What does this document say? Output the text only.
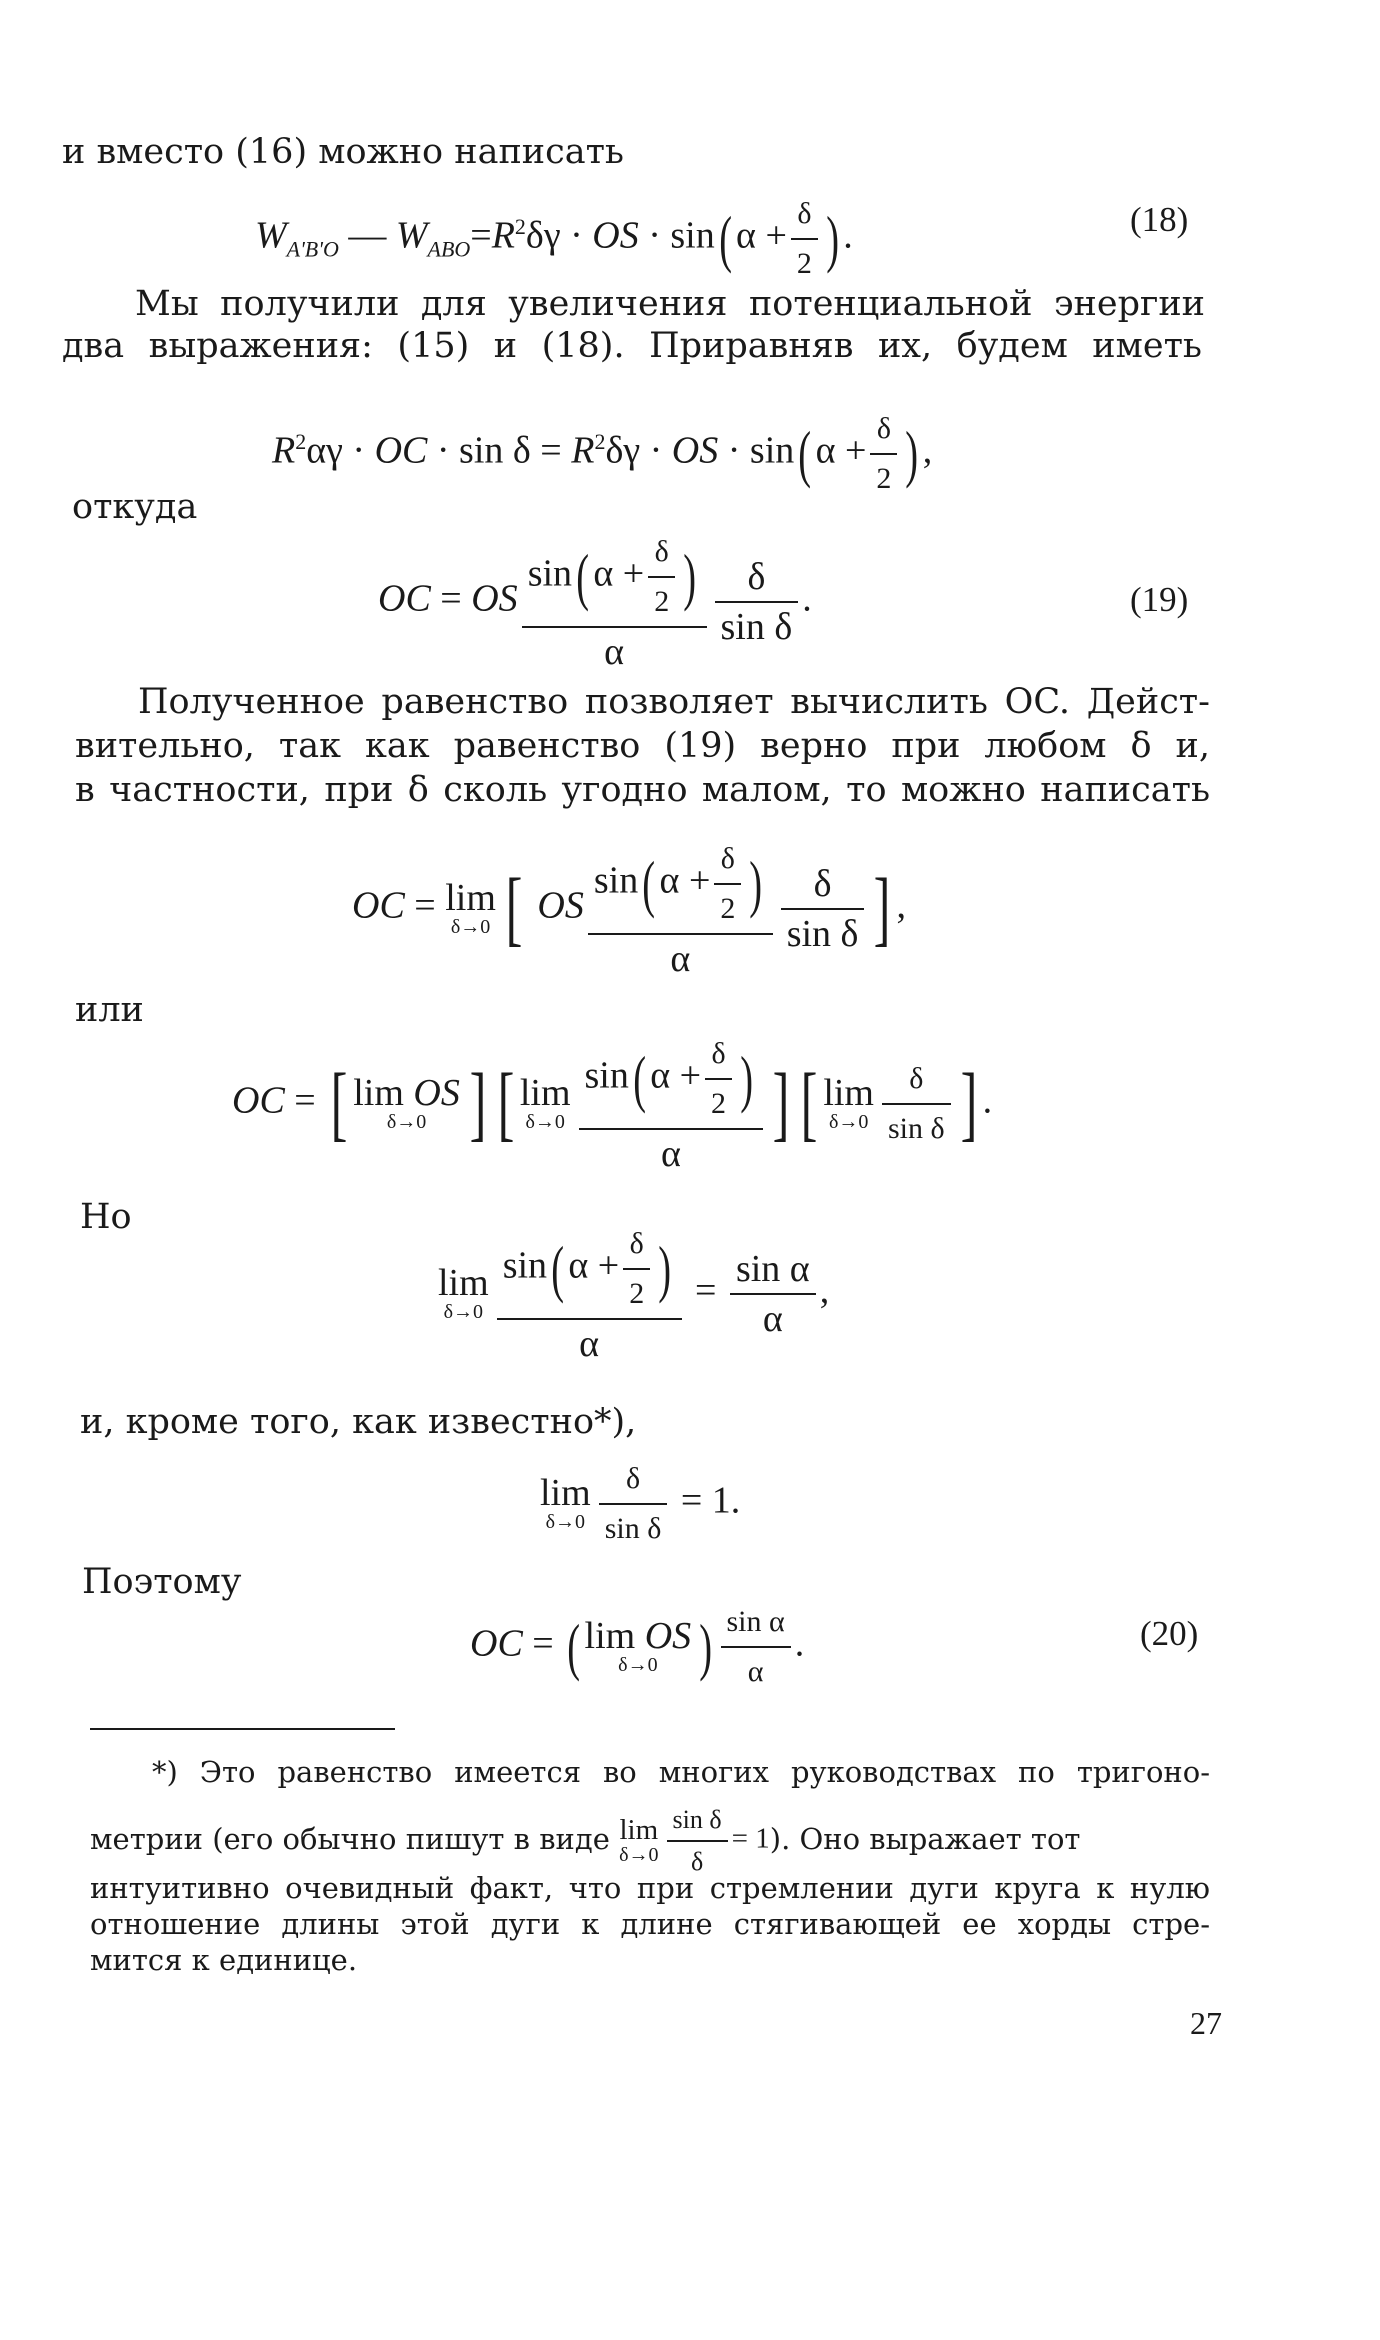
и вместо (16) можно написать
$W_{A'B'O}$ — $W_{ABO}=R^2\delta\gamma$ · OS · sin( $\alpha + \frac{\delta}{2}$ ) .	(18)
Мы получили для увеличения потенциальной энергии
два выражения: (15) и (18). Приравняв их, будем иметь
$R^2\alpha\gamma$ · OC · $\sin \delta = R^2\delta\gamma$ · OS · sin( $\alpha + \frac{\delta}{2}$ ) ,
откуда
OC = OS $\frac{\sin( \alpha + \frac{\delta}{2} )}{\alpha} \frac{\delta}{\text{sin δ}}$ .	(19)
Полученное равенство позволяет вычислить OC. Дейст-
вительно, так как равенство (19) верно при любом δ и,
в частности, при δ сколь угодно малом, то можно написать
OC = lim
δ→0 [ OS $\frac{\sin( \alpha + \frac{\delta}{2} )}{\alpha} \frac{\delta}{\text{sin δ}}$ ] ,
или
OC = [ lim OS
δ→0 ] [ lim
$\delta\to 0 \frac{\sin( \alpha + \frac{\delta}{2} )}{\alpha}$ ] [ lim
$\delta\to 0 \frac{\delta}{\text{sin δ}}$ ] .
Но
lim
$\delta\to 0 \frac{\sin( \alpha + \frac{\delta}{2} )}{\alpha} = \frac{\text{sin α}}{\alpha}$ ,
и, кроме того, как известно*),
lim
$\delta\to 0 \frac{\delta}{\text{sin δ}} = 1$.
Поэтому
OC = ( lim OS
δ→0 ) $\frac{\text{sin α}}{\alpha}$ .	(20)
*) Это равенство имеется во многих руководствах по тригоно-
метрии (его обычно пишут в виде lim
$\delta\to 0 \frac{\text{sin δ}}{\delta} = 1$). Оно выражает тот
интуитивно очевидный факт, что при стремлении дуги круга к нулю
отношение длины этой дуги к длине стягивающей ее хорды стре-
мится к единице.
27
